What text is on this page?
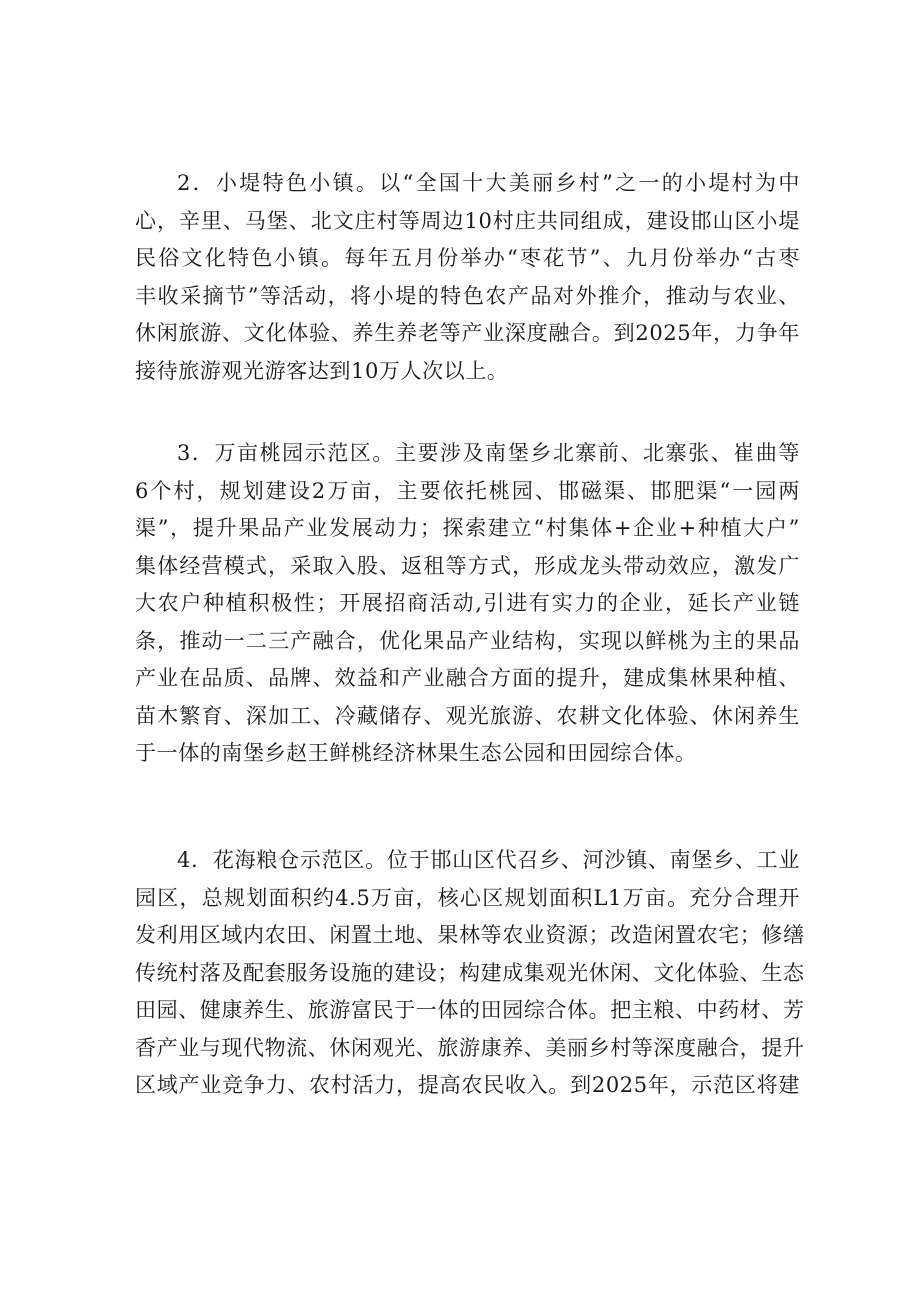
2．小堤特色小镇。以“全国十大美丽乡村”之一的小堤村为中
心，辛里、马堡、北文庄村等周边10村庄共同组成，建设邯山区小堤
民俗文化特色小镇。每年五月份举办“枣花节”、九月份举办“古枣
丰收采摘节”等活动，将小堤的特色农产品对外推介，推动与农业、
休闲旅游、文化体验、养生养老等产业深度融合。到2025年，力争年
接待旅游观光游客达到10万人次以上。
3．万亩桃园示范区。主要涉及南堡乡北寨前、北寨张、崔曲等
6个村，规划建设2万亩，主要依托桃园、邯磁渠、邯肥渠“一园两
渠”，提升果品产业发展动力；探索建立“村集体+企业+种植大户”
集体经营模式，采取入股、返租等方式，形成龙头带动效应，激发广
大农户种植积极性；开展招商活动,引进有实力的企业，延长产业链
条，推动一二三产融合，优化果品产业结构，实现以鲜桃为主的果品
产业在品质、品牌、效益和产业融合方面的提升，建成集林果种植、
苗木繁育、深加工、冷藏储存、观光旅游、农耕文化体验、休闲养生
于一体的南堡乡赵王鲜桃经济林果生态公园和田园综合体。
4．花海粮仓示范区。位于邯山区代召乡、河沙镇、南堡乡、工业
园区，总规划面积约4.5万亩，核心区规划面积L1万亩。充分合理开
发利用区域内农田、闲置土地、果林等农业资源；改造闲置农宅；修缮
传统村落及配套服务设施的建设；构建成集观光休闲、文化体验、生态
田园、健康养生、旅游富民于一体的田园综合体。把主粮、中药材、芳
香产业与现代物流、休闲观光、旅游康养、美丽乡村等深度融合，提升
区域产业竞争力、农村活力，提高农民收入。到2025年，示范区将建
